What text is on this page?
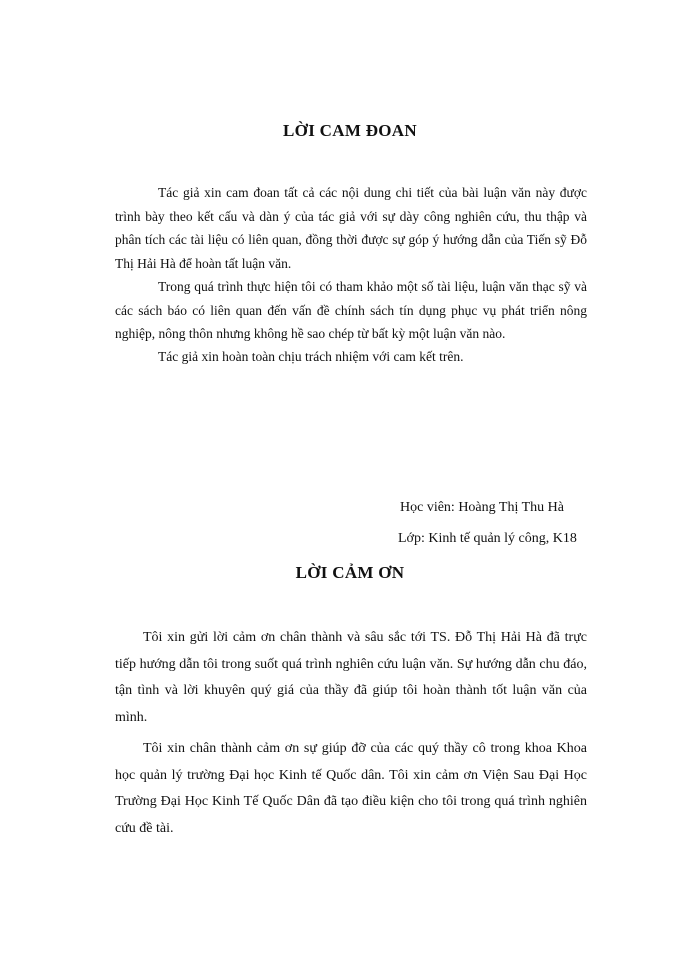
LỜI CAM ĐOAN

Tác giả xin cam đoan tất cả các nội dung chi tiết của bài luận văn này được trình bày theo kết cấu và dàn ý của tác giả với sự dày công nghiên cứu, thu thập và phân tích các tài liệu có liên quan, đồng thời được sự góp ý hướng dẫn của Tiến sỹ Đỗ Thị Hải Hà để hoàn tất luận văn.

Trong quá trình thực hiện tôi có tham khảo một số tài liệu, luận văn thạc sỹ và các sách báo có liên quan đến vấn đề chính sách tín dụng phục vụ phát triển nông nghiệp, nông thôn nhưng không hề sao chép từ bất kỳ một luận văn nào.

Tác giả xin hoàn toàn chịu trách nhiệm với cam kết trên.

Học viên: Hoàng Thị Thu Hà
Lớp: Kinh tế quản lý công, K18
LỜI CẢM ƠN

Tôi xin gửi lời cảm ơn chân thành và sâu sắc tới TS. Đỗ Thị Hải Hà đã trực tiếp hướng dẫn tôi trong suốt quá trình nghiên cứu luận văn. Sự hướng dẫn chu đáo, tận tình và lời khuyên quý giá của thầy đã giúp tôi hoàn thành tốt luận văn của mình.

Tôi xin chân thành cảm ơn sự giúp đỡ của các quý thầy cô trong khoa Khoa học quản lý trường Đại học Kinh tế Quốc dân. Tôi xin cảm ơn Viện Sau Đại Học Trường Đại Học Kinh Tế Quốc Dân đã tạo điều kiện cho tôi trong quá trình nghiên cứu đề tài.
